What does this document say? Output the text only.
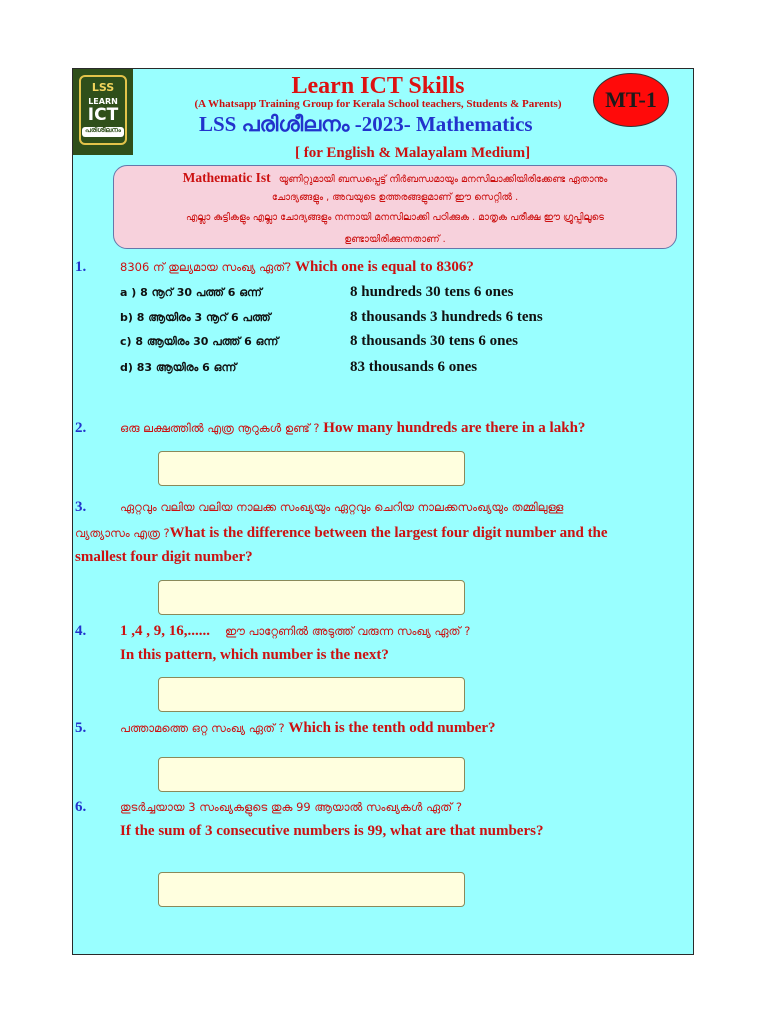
LSS
LEARN
ICT
പരിശീലനം
Learn ICT Skills
(A Whatsapp Training Group for Kerala School teachers, Students & Parents)
LSS പരിശീലനം -2023- Mathematics
[ for English & Malayalam Medium]
MT-1
Mathematic Ist യൂണിറ്റുമായി ബന്ധപ്പെട്ട് നിർബന്ധമായും മനസിലാക്കിയിരിക്കേണ്ട ഏതാനും
ചോദ്യങ്ങളും , അവയുടെ ഉത്തരങ്ങളുമാണ് ഈ സെറ്റിൽ .
എല്ലാ കുട്ടികളും എല്ലാ ചോദ്യങ്ങളും നന്നായി മനസിലാക്കി പഠിക്കുക . മാതൃക പരീക്ഷ ഈ ഗ്രൂപ്പിലൂടെ
ഉണ്ടായിരിക്കുന്നതാണ് .
1.	8306 ന് തുല്യമായ സംഖ്യ ഏത്? Which one is equal to 8306?
a ) 8 നൂറ് 30 പത്ത് 6 ഒന്ന്	8 hundreds 30 tens 6 ones
b) 8 ആയിരം 3 നൂറ് 6 പത്ത്	8 thousands 3 hundreds 6 tens
c) 8 ആയിരം 30 പത്ത് 6 ഒന്ന്	8 thousands 30 tens 6 ones
d) 83 ആയിരം 6 ഒന്ന്	83 thousands 6 ones
2.	ഒരു ലക്ഷത്തിൽ എത്ര നൂറുകൾ ഉണ്ട് ? How many hundreds are there in a lakh?
3.	ഏറ്റവും വലിയ വലിയ നാലക്ക സംഖ്യയും ഏറ്റവും ചെറിയ നാലക്കസംഖ്യയും തമ്മിലുള്ള
വ്യത്യാസം എത്ര ?What is the difference between the largest four digit number and the
smallest four digit number?
4. 1 ,4 , 9, 16,...... ഈ പാറ്റേണിൽ അടുത്ത് വരുന്ന സംഖ്യ ഏത് ?
In this pattern, which number is the next?
5.	പത്താമത്തെ ഒറ്റ സംഖ്യ ഏത് ? Which is the tenth odd number?
6.	തുടർച്ചയായ 3 സംഖ്യകളുടെ തുക 99 ആയാൽ സംഖ്യകൾ ഏത് ?
If the sum of 3 consecutive numbers is 99, what are that numbers?
